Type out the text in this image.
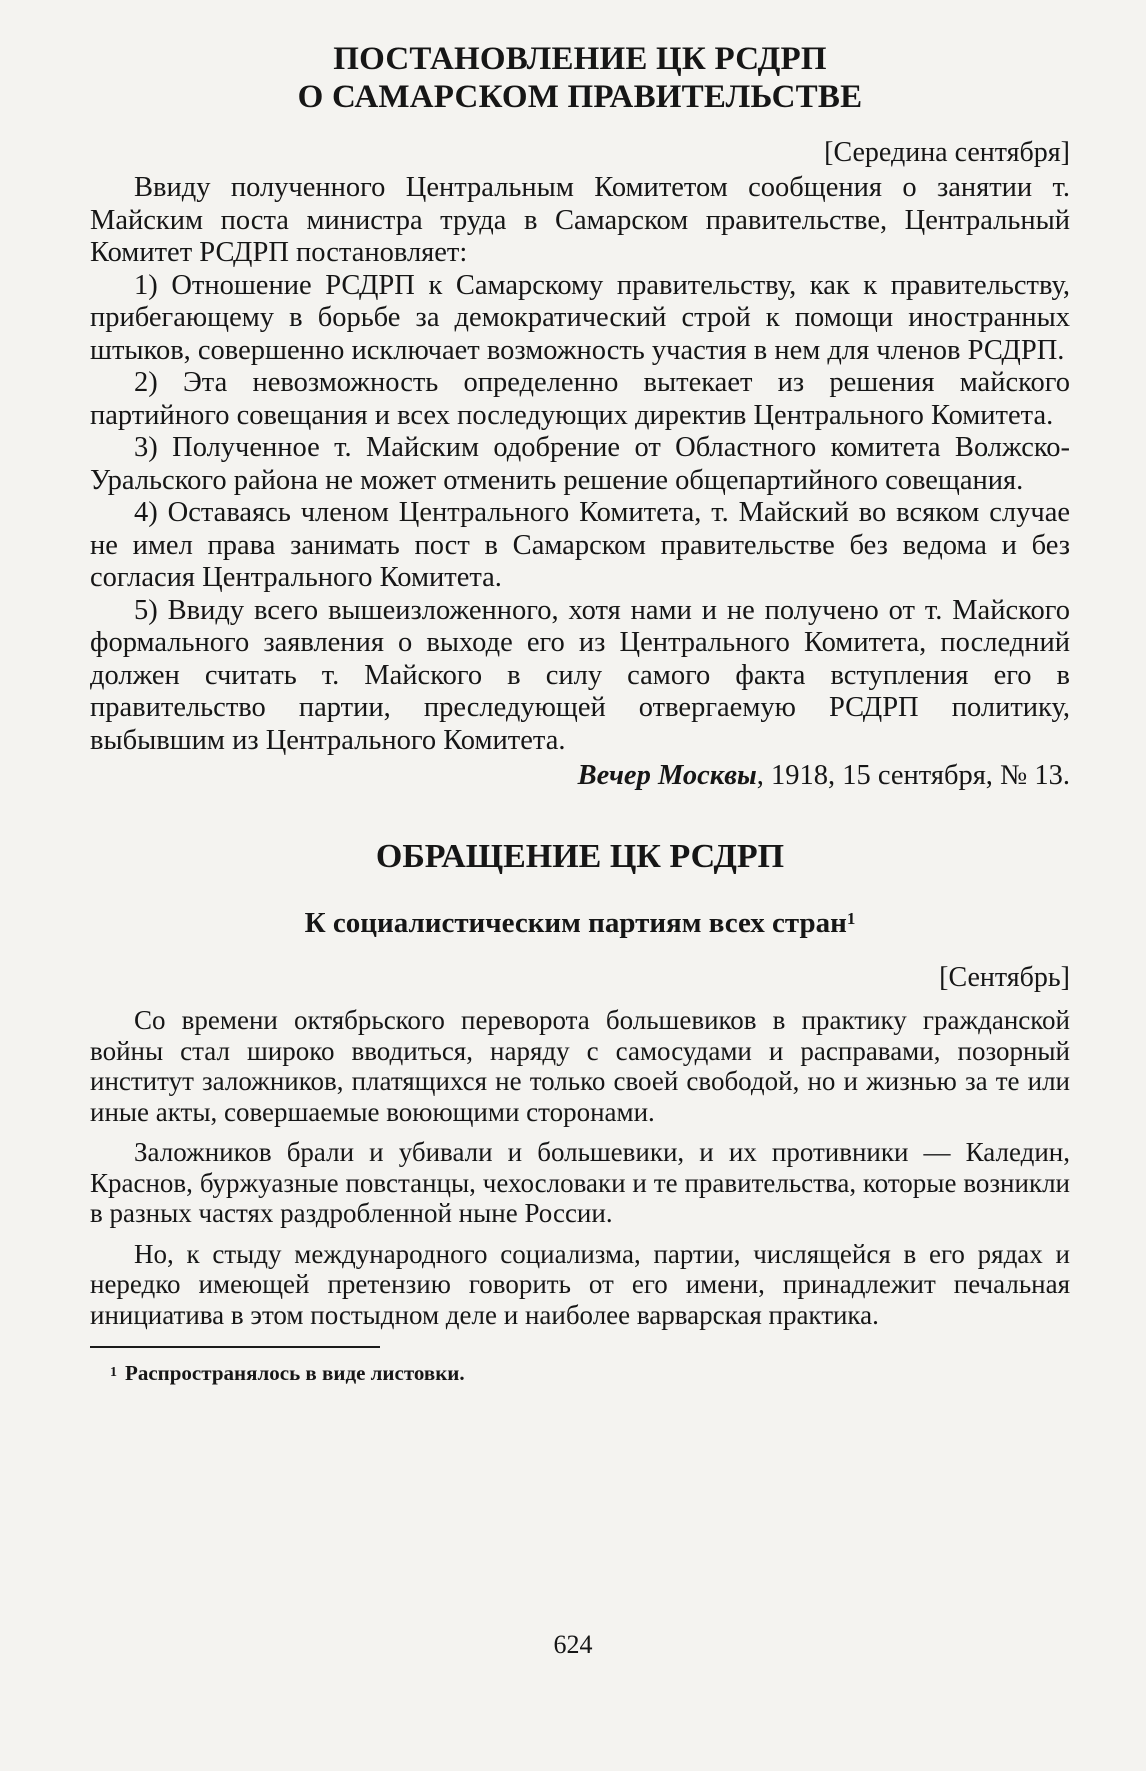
ПОСТАНОВЛЕНИЕ ЦК РСДРП
О САМАРСКОМ ПРАВИТЕЛЬСТВЕ

[Середина сентября]

Ввиду полученного Центральным Комитетом сообщения о занятии т. Майским поста министра труда в Самарском правительстве, Центральный Комитет РСДРП постановляет:

1) Отношение РСДРП к Самарскому правительству, как к правительству, прибегающему в борьбе за демократический строй к помощи иностранных штыков, совершенно исключает возможность участия в нем для членов РСДРП.

2) Эта невозможность определенно вытекает из решения майского партийного совещания и всех последующих директив Центрального Комитета.

3) Полученное т. Майским одобрение от Областного комитета Волжско-Уральского района не может отменить решение общепартийного совещания.

4) Оставаясь членом Центрального Комитета, т. Майский во всяком случае не имел права занимать пост в Самарском правительстве без ведома и без согласия Центрального Комитета.

5) Ввиду всего вышеизложенного, хотя нами и не получено от т. Майского формального заявления о выходе его из Центрального Комитета, последний должен считать т. Майского в силу самого факта вступления его в правительство партии, преследующей отвергаемую РСДРП политику, выбывшим из Центрального Комитета.

Вечер Москвы, 1918, 15 сентября, № 13.

ОБРАЩЕНИЕ ЦК РСДРП
К социалистическим партиям всех стран$^1$

[Сентябрь]

Со времени октябрьского переворота большевиков в практику гражданской войны стал широко вводиться, наряду с самосудами и расправами, позорный институт заложников, платящихся не только своей свободой, но и жизнью за те или иные акты, совершаемые воюющими сторонами.

Заложников брали и убивали и большевики, и их противники — Каледин, Краснов, буржуазные повстанцы, чехословаки и те правительства, которые возникли в разных частях раздробленной ныне России.

Но, к стыду международного социализма, партии, числящейся в его рядах и нередко имеющей претензию говорить от его имени, принадлежит печальная инициатива в этом постыдном деле и наиболее варварская практика.

$^1$ Распространялось в виде листовки.

624
